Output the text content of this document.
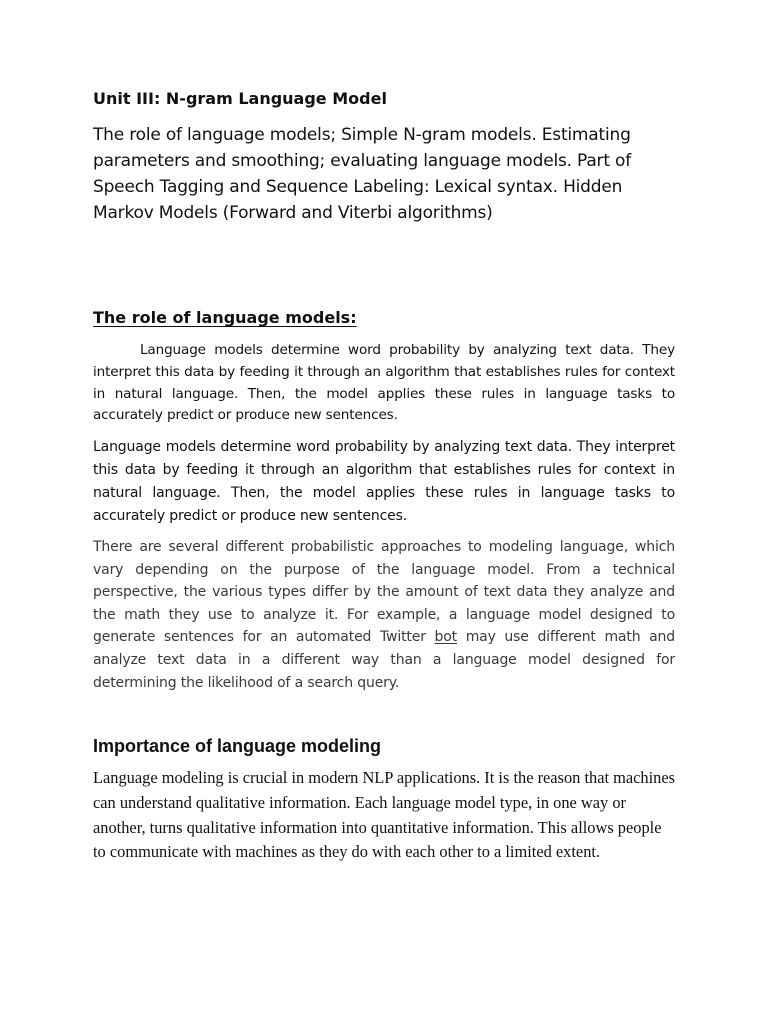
Unit III: N-gram Language Model
The role of language models; Simple N-gram models. Estimating parameters and smoothing; evaluating language models. Part of Speech Tagging and Sequence Labeling: Lexical syntax. Hidden Markov Models (Forward and Viterbi algorithms)
The role of language models:

Language models determine word probability by analyzing text data. They interpret this data by feeding it through an algorithm that establishes rules for context in natural language. Then, the model applies these rules in language tasks to accurately predict or produce new sentences.

Language models determine word probability by analyzing text data. They interpret this data by feeding it through an algorithm that establishes rules for context in natural language. Then, the model applies these rules in language tasks to accurately predict or produce new sentences.

There are several different probabilistic approaches to modeling language, which vary depending on the purpose of the language model. From a technical perspective, the various types differ by the amount of text data they analyze and the math they use to analyze it. For example, a language model designed to generate sentences for an automated Twitter bot may use different math and analyze text data in a different way than a language model designed for determining the likelihood of a search query.

Importance of language modeling

Language modeling is crucial in modern NLP applications. It is the reason that machines can understand qualitative information. Each language model type, in one way or another, turns qualitative information into quantitative information. This allows people to communicate with machines as they do with each other to a limited extent.
